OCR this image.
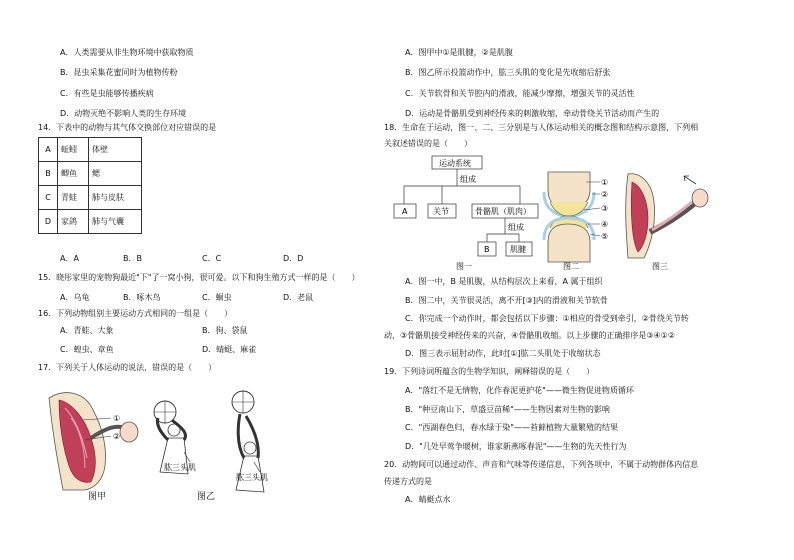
A．人类需要从非生物环境中获取物质
B．昆虫采集花蜜同时为植物传粉
C．有些是虫能够传播疾病
D．动物灭绝不影响人类的生存环境
14．下表中的动物与其气体交换部位对应错误的是
A	蚯蚓	体壁
B	鲫鱼	鳃
C	青蛙	肺与皮肤
D	家鸽	肺与气囊
A．A	B．B	C．C	D．D
15．晓彤家里的宠物狗最近"下"了一窝小狗，很可爱。以下和狗生殖方式一样的是（　　）
A．乌龟	B．啄木鸟	C．蛔虫	D．老鼠
16．下列动物组别主要运动方式相同的一组是（　　）
A．青蛙、大象	B．狗、袋鼠
C．蝗虫、章鱼	D．蜻蜓、麻雀
17．下列关于人体运动的说法，错误的是（　　）
①
②
图甲
肱三头肌
肱三头肌
图乙
A．图甲中①是肌腱，②是肌腹
B．图乙所示投篮动作中，肱三头肌的变化是先收缩后舒张
C．关节软骨和关节腔内的滑液，能减少摩擦，增强关节的灵活性
D．运动是骨骼肌受到神经传来的刺激收缩，牵动骨绕关节活动而产生的
18．生命在于运动，图一、二、三分别是与人体运动相关的概念图和结构示意图，下列相
关叙述错误的是（　　）
运动系统
组成
A	关节	骨骼肌（肌肉）
组成
B	肌腱
图一
①
②
③
④
⑤
图二	图三
A．图一中，B 是肌腹，从结构层次上来看，A 属于组织
B．图二中，关节很灵活，离不开[③]内的滑液和关节软骨
C．你完成一个动作时，都会包括以下步骤：①相应的骨受到牵引，②骨绕关节转
动，③骨骼肌接受神经传来的兴奋，④骨骼肌收缩。以上步骤的正确排序是③④①②
D．图三表示屈肘动作，此时[①]肱二头肌处于收缩状态
19．下列诗词所蕴含的生物学知识，阐释错误的是（　　）
A．"落红不是无情物，化作春泥更护花"——微生物促进物质循环
B．"种豆南山下，草盛豆苗稀"——生物因素对生物的影响
C．"西湖春色归，春水绿于染"——苔藓植物大量繁殖的结果
D．"几处早莺争暖树，谁家新燕啄春泥"——生物的先天性行为
20．动物间可以通过动作、声音和气味等传递信息，下列各项中，不属于动物群体内信息
传递方式的是
A．蜻蜓点水
